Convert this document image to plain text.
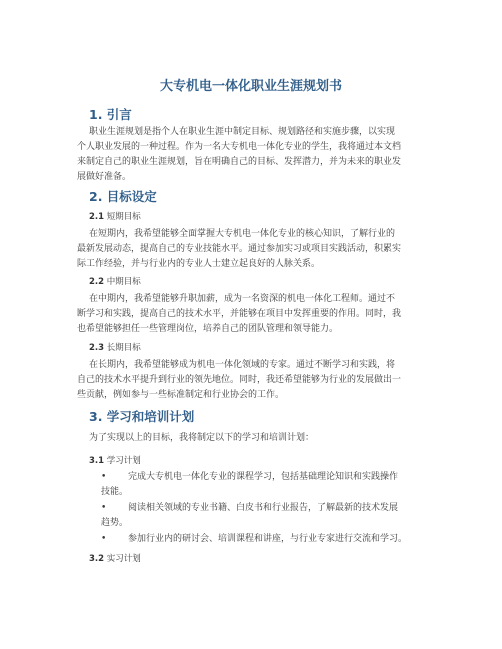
大专机电一体化职业生涯规划书
1. 引言
职业生涯规划是指个人在职业生涯中制定目标、规划路径和实施步骤，以实现
个人职业发展的一种过程。作为一名大专机电一体化专业的学生，我将通过本文档
来制定自己的职业生涯规划，旨在明确自己的目标、发挥潜力，并为未来的职业发
展做好准备。
2. 目标设定
2.1 短期目标
在短期内，我希望能够全面掌握大专机电一体化专业的核心知识，了解行业的
最新发展动态，提高自己的专业技能水平。通过参加实习或项目实践活动，积累实
际工作经验，并与行业内的专业人士建立起良好的人脉关系。
2.2 中期目标
在中期内，我希望能够升职加薪，成为一名资深的机电一体化工程师。通过不
断学习和实践，提高自己的技术水平，并能够在项目中发挥重要的作用。同时，我
也希望能够担任一些管理岗位，培养自己的团队管理和领导能力。
2.3 长期目标
在长期内，我希望能够成为机电一体化领域的专家。通过不断学习和实践，将
自己的技术水平提升到行业的领先地位。同时，我还希望能够为行业的发展做出一
些贡献，例如参与一些标准制定和行业协会的工作。
3. 学习和培训计划
为了实现以上的目标，我将制定以下的学习和培训计划：
3.1 学习计划
•	完成大专机电一体化专业的课程学习，包括基础理论知识和实践操作
技能。
•	阅读相关领域的专业书籍、白皮书和行业报告，了解最新的技术发展
趋势。
•	参加行业内的研讨会、培训课程和讲座，与行业专家进行交流和学习。
3.2 实习计划
